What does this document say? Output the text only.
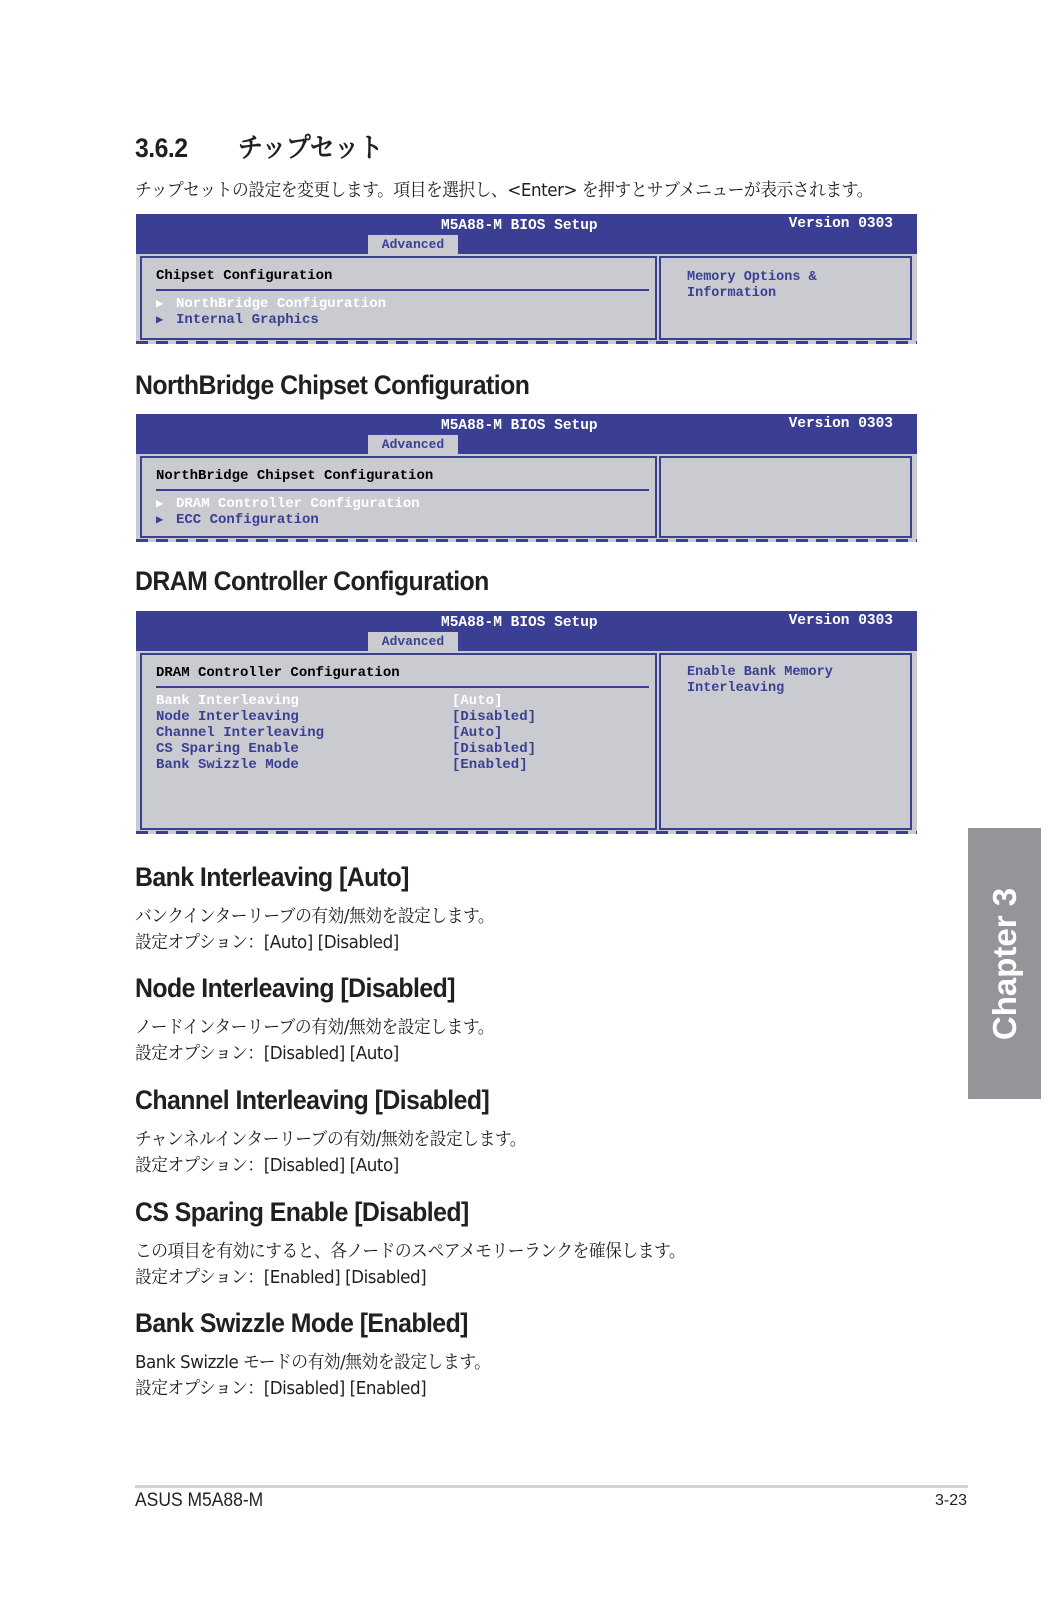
3.6.2 チップセット

チップセットの設定を変更します。項目を選択し、<Enter> を押すとサブメニューが表示されます。

M5A88-M BIOS Setup	Version 0303
Advanced
Chipset Configuration
▶ NorthBridge Configuration
▶ Internal Graphics
Memory Options &
Information
NorthBridge Chipset Configuration
M5A88-M BIOS Setup	Version 0303
Advanced
NorthBridge Chipset Configuration
▶ DRAM Controller Configuration
▶ ECC Configuration
DRAM Controller Configuration
M5A88-M BIOS Setup	Version 0303
Advanced
DRAM Controller Configuration
Bank Interleaving	[Auto]
Node Interleaving	[Disabled]
Channel Interleaving	[Auto]
CS Sparing Enable	[Disabled]
Bank Swizzle Mode	[Enabled]
Enable Bank Memory
Interleaving
Bank Interleaving [Auto]

バンクインターリーブの有効/無効を設定します。

設定オプション：[Auto] [Disabled]

Node Interleaving [Disabled]

ノードインターリーブの有効/無効を設定します。

設定オプション：[Disabled] [Auto]

Channel Interleaving [Disabled]

チャンネルインターリーブの有効/無効を設定します。

設定オプション：[Disabled] [Auto]

CS Sparing Enable [Disabled]

この項目を有効にすると、各ノードのスペアメモリーランクを確保します。

設定オプション：[Enabled] [Disabled]

Bank Swizzle Mode [Enabled]

Bank Swizzle モードの有効/無効を設定します。

設定オプション：[Disabled] [Enabled]

Chapter 3
ASUS M5A88-M	3-23
